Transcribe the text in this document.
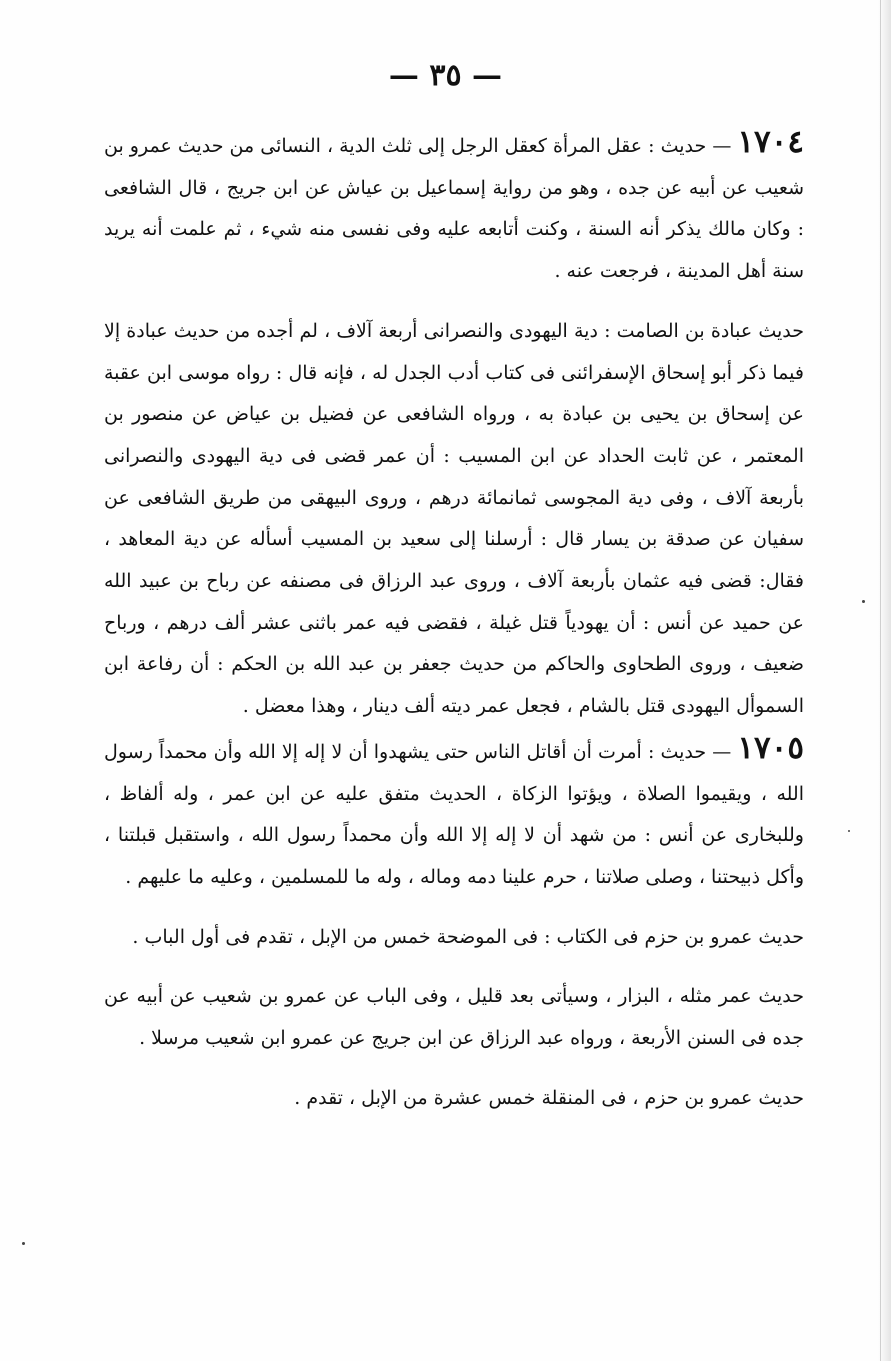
— ٣٥ —

١٧٠٤ — حديث : عقل المرأة كعقل الرجل إلى ثلث الدية ، النسائى من حديث عمرو بن شعيب عن أبيه عن جده ، وهو من رواية إسماعيل بن عياش عن ابن جريج ، قال الشافعى : وكان مالك يذكر أنه السنة ، وكنت أتابعه عليه وفى نفسى منه شيء ، ثم علمت أنه يريد سنة أهل المدينة ، فرجعت عنه .

حديث عبادة بن الصامت : دية اليهودى والنصرانى أربعة آلاف ، لم أجده من حديث عبادة إلا فيما ذكر أبو إسحاق الإسفرائنى فى كتاب أدب الجدل له ، فإنه قال : رواه موسى ابن عقبة عن إسحاق بن يحيى بن عبادة به ، ورواه الشافعى عن فضيل بن عياض عن منصور بن المعتمر ، عن ثابت الحداد عن ابن المسيب : أن عمر قضى فى دية اليهودى والنصرانى بأربعة آلاف ، وفى دية المجوسى ثمانمائة درهم ، وروى البيهقى من طريق الشافعى عن سفيان عن صدقة بن يسار قال : أرسلنا إلى سعيد بن المسيب أسأله عن دية المعاهد ، فقال: قضى فيه عثمان بأربعة آلاف ، وروى عبد الرزاق فى مصنفه عن رباح بن عبيد الله عن حميد عن أنس : أن يهودياً قتل غيلة ، فقضى فيه عمر باثنى عشر ألف درهم ، ورباح ضعيف ، وروى الطحاوى والحاكم من حديث جعفر بن عبد الله بن الحكم : أن رفاعة ابن السموأل اليهودى قتل بالشام ، فجعل عمر ديته ألف دينار ، وهذا معضل .

١٧٠٥ — حديث : أمرت أن أقاتل الناس حتى يشهدوا أن لا إله إلا الله وأن محمداً رسول الله ، ويقيموا الصلاة ، ويؤتوا الزكاة ، الحديث متفق عليه عن ابن عمر ، وله ألفاظ ، وللبخارى عن أنس : من شهد أن لا إله إلا الله وأن محمداً رسول الله ، واستقبل قبلتنا ، وأكل ذبيحتنا ، وصلى صلاتنا ، حرم علينا دمه وماله ، وله ما للمسلمين ، وعليه ما عليهم .

حديث عمرو بن حزم فى الكتاب : فى الموضحة خمس من الإبل ، تقدم فى أول الباب .

حديث عمر مثله ، البزار ، وسيأتى بعد قليل ، وفى الباب عن عمرو بن شعيب عن أبيه عن جده فى السنن الأربعة ، ورواه عبد الرزاق عن ابن جريج عن عمرو ابن شعيب مرسلا .

حديث عمرو بن حزم ، فى المنقلة خمس عشرة من الإبل ، تقدم .
